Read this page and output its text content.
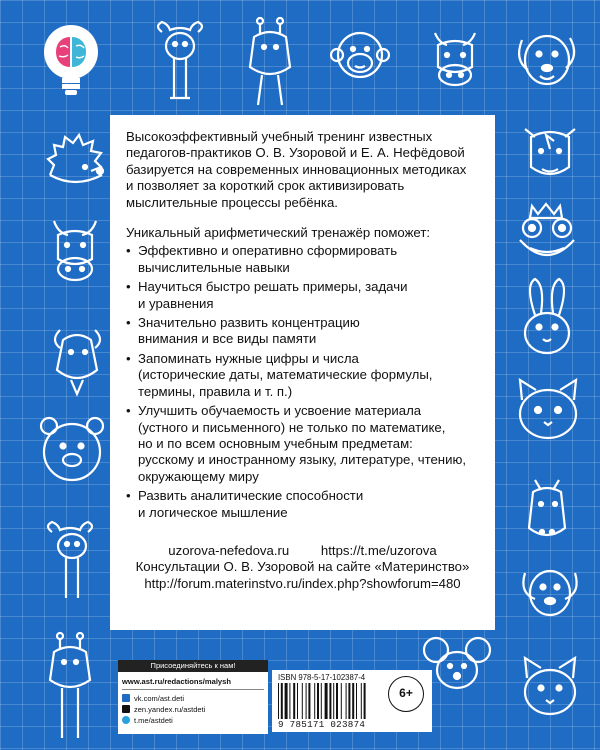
Высокоэффективный учебный тренинг известных
педагогов-практиков О. В. Узоровой и Е. А. Нефёдовой
базируется на современных инновационных методиках
и позволяет за короткий срок активизировать
мыслительные процессы ребёнка.

Уникальный арифметический тренажёр поможет:

• Эффективно и оперативно сформировать
вычислительные навыки
• Научиться быстро решать примеры, задачи
и уравнения
• Значительно развить концентрацию
внимания и все виды памяти
• Запоминать нужные цифры и числа
(исторические даты, математические формулы,
термины, правила и т. п.)
• Улучшить обучаемость и усвоение материала
(устного и письменного) не только по математике,
но и по всем основным учебным предметам:
русскому и иностранному языку, литературе, чтению,
окружающему миру
• Развить аналитические способности
и логическое мышление
uzorova-nefedova.ru https://t.me/uzorova
Консультации О. В. Узоровой на сайте «Материнство»
http://forum.materinstvo.ru/index.php?showforum=480
Присоединяйтесь к нам!
www.ast.ru/redactions/malysh
vk.com/ast.deti
zen.yandex.ru/astdeti
t.me/astdeti
ISBN 978-5-17-102387-4
9 785171 023874
6+
